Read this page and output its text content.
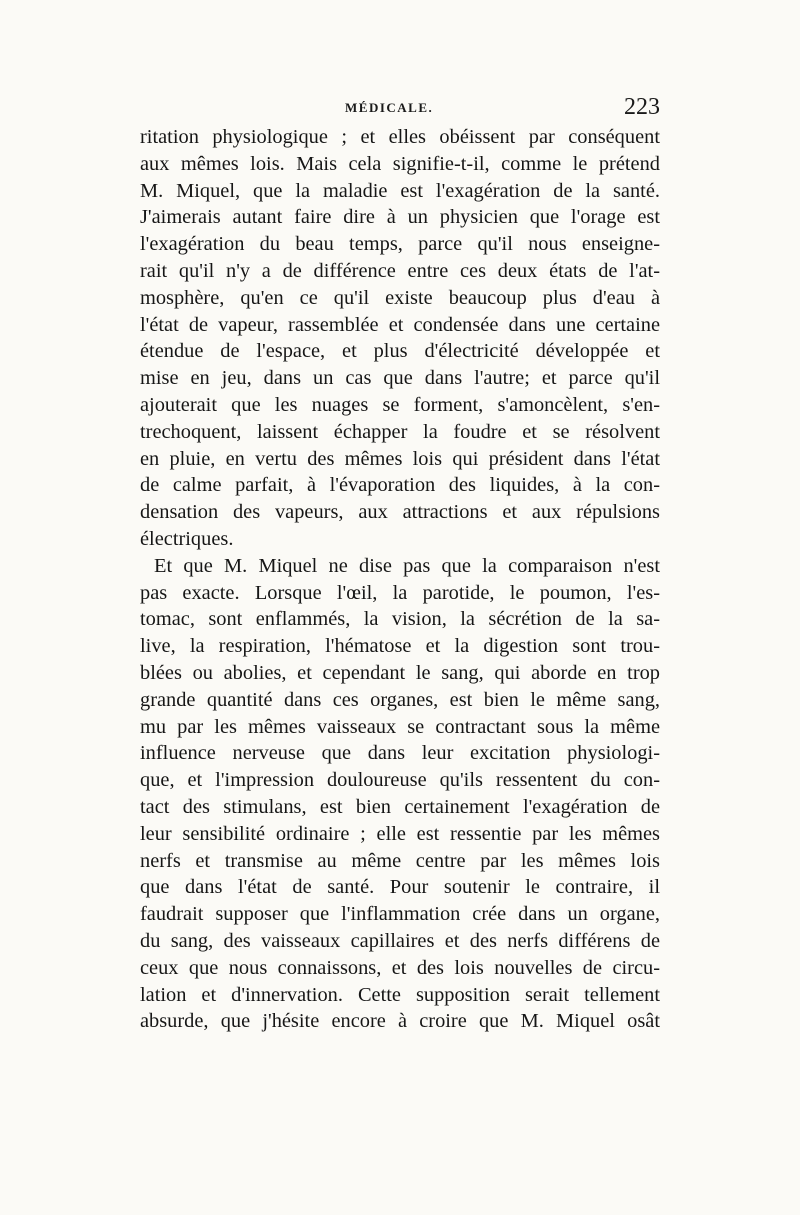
MÉDICALE.	223
ritation physiologique ; et elles obéissent par conséquent
aux mêmes lois. Mais cela signifie-t-il, comme le prétend
M. Miquel, que la maladie est l'exagération de la santé.
J'aimerais autant faire dire à un physicien que l'orage est
l'exagération du beau temps, parce qu'il nous enseigne-
rait qu'il n'y a de différence entre ces deux états de l'at-
mosphère, qu'en ce qu'il existe beaucoup plus d'eau à
l'état de vapeur, rassemblée et condensée dans une certaine
étendue de l'espace, et plus d'électricité développée et
mise en jeu, dans un cas que dans l'autre; et parce qu'il
ajouterait que les nuages se forment, s'amoncèlent, s'en-
trechoquent, laissent échapper la foudre et se résolvent
en pluie, en vertu des mêmes lois qui président dans l'état
de calme parfait, à l'évaporation des liquides, à la con-
densation des vapeurs, aux attractions et aux répulsions
électriques.
Et que M. Miquel ne dise pas que la comparaison n'est
pas exacte. Lorsque l'œil, la parotide, le poumon, l'es-
tomac, sont enflammés, la vision, la sécrétion de la sa-
live, la respiration, l'hématose et la digestion sont trou-
blées ou abolies, et cependant le sang, qui aborde en trop
grande quantité dans ces organes, est bien le même sang,
mu par les mêmes vaisseaux se contractant sous la même
influence nerveuse que dans leur excitation physiologi-
que, et l'impression douloureuse qu'ils ressentent du con-
tact des stimulans, est bien certainement l'exagération de
leur sensibilité ordinaire ; elle est ressentie par les mêmes
nerfs et transmise au même centre par les mêmes lois
que dans l'état de santé. Pour soutenir le contraire, il
faudrait supposer que l'inflammation crée dans un organe,
du sang, des vaisseaux capillaires et des nerfs différens de
ceux que nous connaissons, et des lois nouvelles de circu-
lation et d'innervation. Cette supposition serait tellement
absurde, que j'hésite encore à croire que M. Miquel osât
